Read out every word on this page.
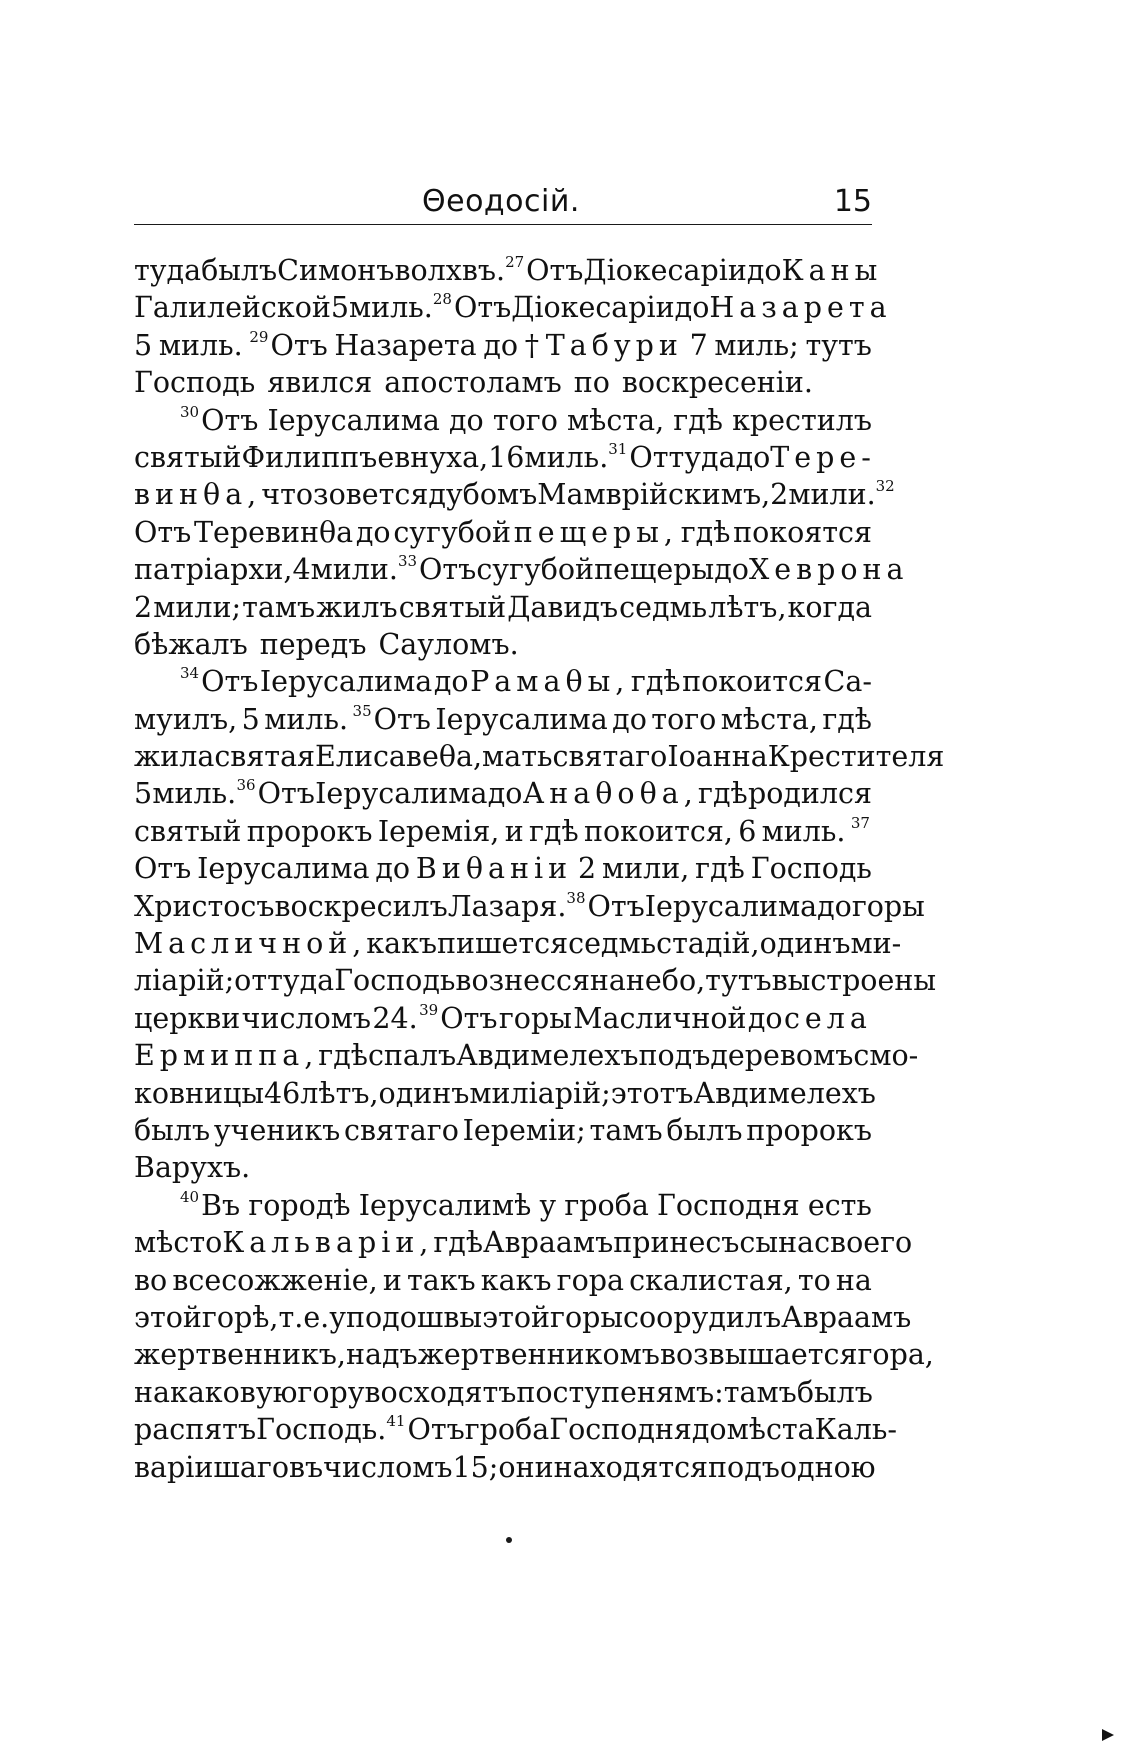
Θеодосій.	15
туда былъ Симонъ волхвъ. $^{27}$Отъ Діокесаріи до Каны
Галилейской 5 миль. $^{28}$Отъ Діокесаріи до Назарета
5 миль. $^{29}$Отъ Назарета до † Табури 7 миль; тутъ
Господь явился апостоламъ по воскресеніи.
$^{30}$Отъ Іерусалима до того мѣста, гдѣ крестилъ
святый Филиппъ евнуха, 16 миль. $^{31}$Оттуда до Тере-
винθа, что зовется дубомъ Мамврійскимъ, 2 мили. $^{32}$
Отъ Теревинθа до сугубой пещеры, гдѣ покоятся
патріархи, 4 мили. $^{33}$Отъ сугубой пещеры до Хеврона
2 мили; тамъ жилъ святый Давидъ седмь лѣтъ, когда
бѣжалъ передъ Сауломъ.
$^{34}$Отъ Іерусалима до Рамаθы, гдѣ покоится Са-
муилъ, 5 миль. $^{35}$Отъ Іерусалима до того мѣста, гдѣ
жила святая Елисавеθа, мать святаго Іоанна Крестителя
5 миль. $^{36}$Отъ Іерусалима до Анаθоθа, гдѣ родился
святый пророкъ Іеремія, и гдѣ покоится, 6 миль. $^{37}$
Отъ Іерусалима до Виθаніи 2 мили, гдѣ Господь
Христосъ воскресилъ Лазаря. $^{38}$Отъ Іерусалима до горы
Масличной, какъ пишется седмь стадій, одинъ ми-
ліарій; оттуда Господь вознесся на небо, тутъ выстроены
церкви числомъ 24. $^{39}$Отъ горы Масличной до села
Ермиппа, гдѣ спалъ Авдимелехъ подъ деревомъ смо-
ковницы 46 лѣтъ, одинъ миліарій; этотъ Авдимелехъ
былъ ученикъ святаго Іереміи; тамъ былъ пророкъ
Варухъ.
$^{40}$Въ городѣ Іерусалимѣ у гроба Господня есть
мѣсто Кальваріи, гдѣ Авраамъ принесъ сына своего
во всесожженіе, и такъ какъ гора скалистая, то на
этой горѣ, т. е. у подошвы этой горы соорудилъ Авраамъ
жертвенникъ, надъ жертвенникомъ возвышается гора,
на каковую гору восходятъ по ступенямъ: тамъ былъ
распятъ Господь. $^{41}$Отъ гроба Господня до мѣста Каль-
варіи шаговъ числомъ 15; они находятся подъ одною
